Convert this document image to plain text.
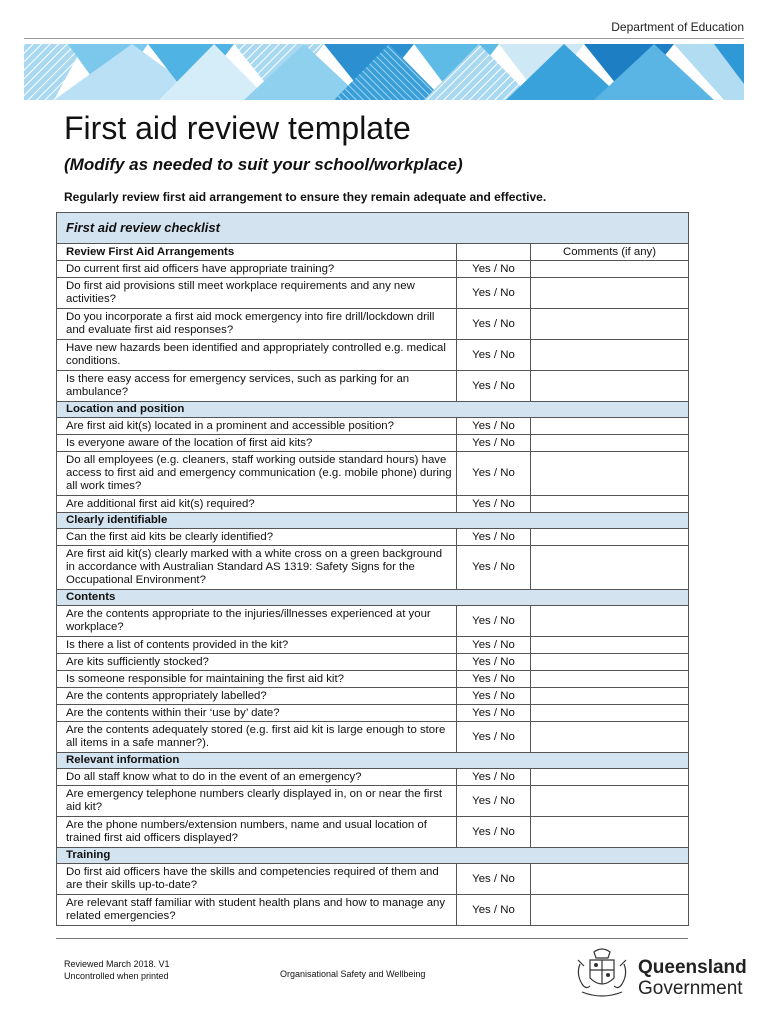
Department of Education
First aid review template

(Modify as needed to suit your school/workplace)

Regularly review first aid arrangement to ensure they remain adequate and effective.

First aid review checklist		
Review First Aid Arrangements		Comments (if any)
Do current first aid officers have appropriate training?	Yes / No	
Do first aid provisions still meet workplace requirements and any new activities?	Yes / No	
Do you incorporate a first aid mock emergency into fire drill/lockdown drill and evaluate first aid responses?	Yes / No	
Have new hazards been identified and appropriately controlled e.g. medical conditions.	Yes / No	
Is there easy access for emergency services, such as parking for an ambulance?	Yes / No	
Location and position		
Are first aid kit(s) located in a prominent and accessible position?	Yes / No	
Is everyone aware of the location of first aid kits?	Yes / No	
Do all employees (e.g. cleaners, staff working outside standard hours) have access to first aid and emergency communication (e.g. mobile phone) during all work times?	Yes / No	
Are additional first aid kit(s) required?	Yes / No	
Clearly identifiable		
Can the first aid kits be clearly identified?	Yes / No	
Are first aid kit(s) clearly marked with a white cross on a green background in accordance with Australian Standard AS 1319: Safety Signs for the Occupational Environment?	Yes / No	
Contents		
Are the contents appropriate to the injuries/illnesses experienced at your workplace?	Yes / No	
Is there a list of contents provided in the kit?	Yes / No	
Are kits sufficiently stocked?	Yes / No	
Is someone responsible for maintaining the first aid kit?	Yes / No	
Are the contents appropriately labelled?	Yes / No	
Are the contents within their ‘use by’ date?	Yes / No	
Are the contents adequately stored (e.g. first aid kit is large enough to store all items in a safe manner?).	Yes / No	
Relevant information		
Do all staff know what to do in the event of an emergency?	Yes / No	
Are emergency telephone numbers clearly displayed in, on or near the first aid kit?	Yes / No	
Are the phone numbers/extension numbers, name and usual location of trained first aid officers displayed?	Yes / No	
Training		
Do first aid officers have the skills and competencies required of them and are their skills up-to-date?	Yes / No	
Are relevant staff familiar with student health plans and how to manage any related emergencies?	Yes / No	
Reviewed March 2018. V1
Uncontrolled when printed	Organisational Safety and Wellbeing	Queensland
Government
